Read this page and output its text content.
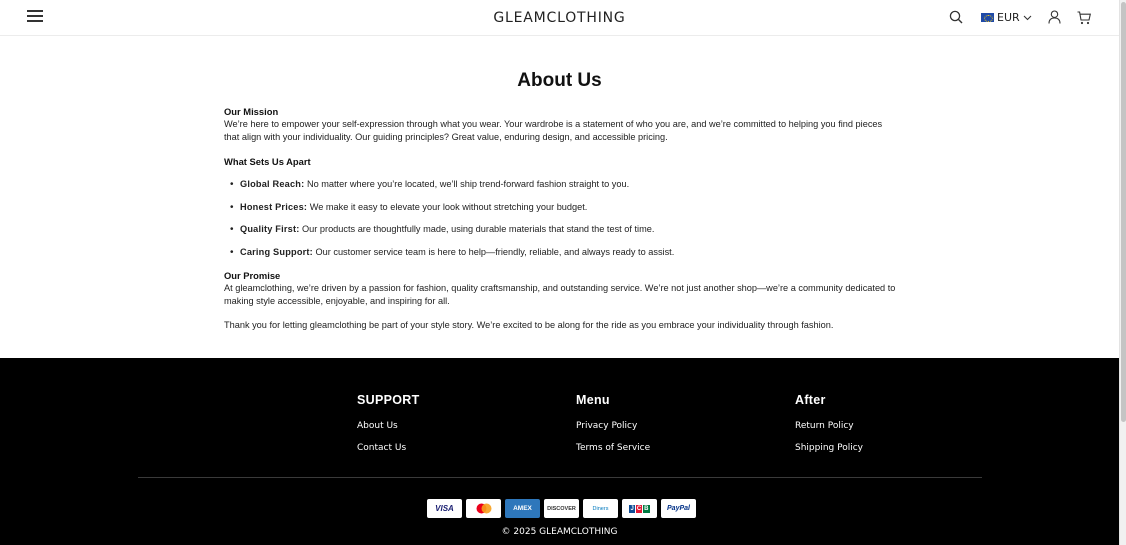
GLEAMCLOTHING	EUR
About Us
Our Mission

We’re here to empower your self-expression through what you wear. Your wardrobe is a statement of who you are, and we’re committed to helping you find pieces that align with your individuality. Our guiding principles? Great value, enduring design, and accessible pricing.

What Sets Us Apart
• Global Reach: No matter where you’re located, we’ll ship trend-forward fashion straight to you.
• Honest Prices: We make it easy to elevate your look without stretching your budget.
• Quality First: Our products are thoughtfully made, using durable materials that stand the test of time.
• Caring Support: Our customer service team is here to help—friendly, reliable, and always ready to assist.
Our Promise

At gleamclothing, we’re driven by a passion for fashion, quality craftsmanship, and outstanding service. We’re not just another shop—we’re a community dedicated to making style accessible, enjoyable, and inspiring for all.

Thank you for letting gleamclothing be part of your style story. We’re excited to be along for the ride as you embrace your individuality through fashion.

SUPPORT
About Us
Contact Us
Menu
Privacy Policy
Terms of Service
After
Return Policy
Shipping Policy
VISA	AMEX	DISCOVER	Diners	J C B	PayPal
© 2025 GLEAMCLOTHING
